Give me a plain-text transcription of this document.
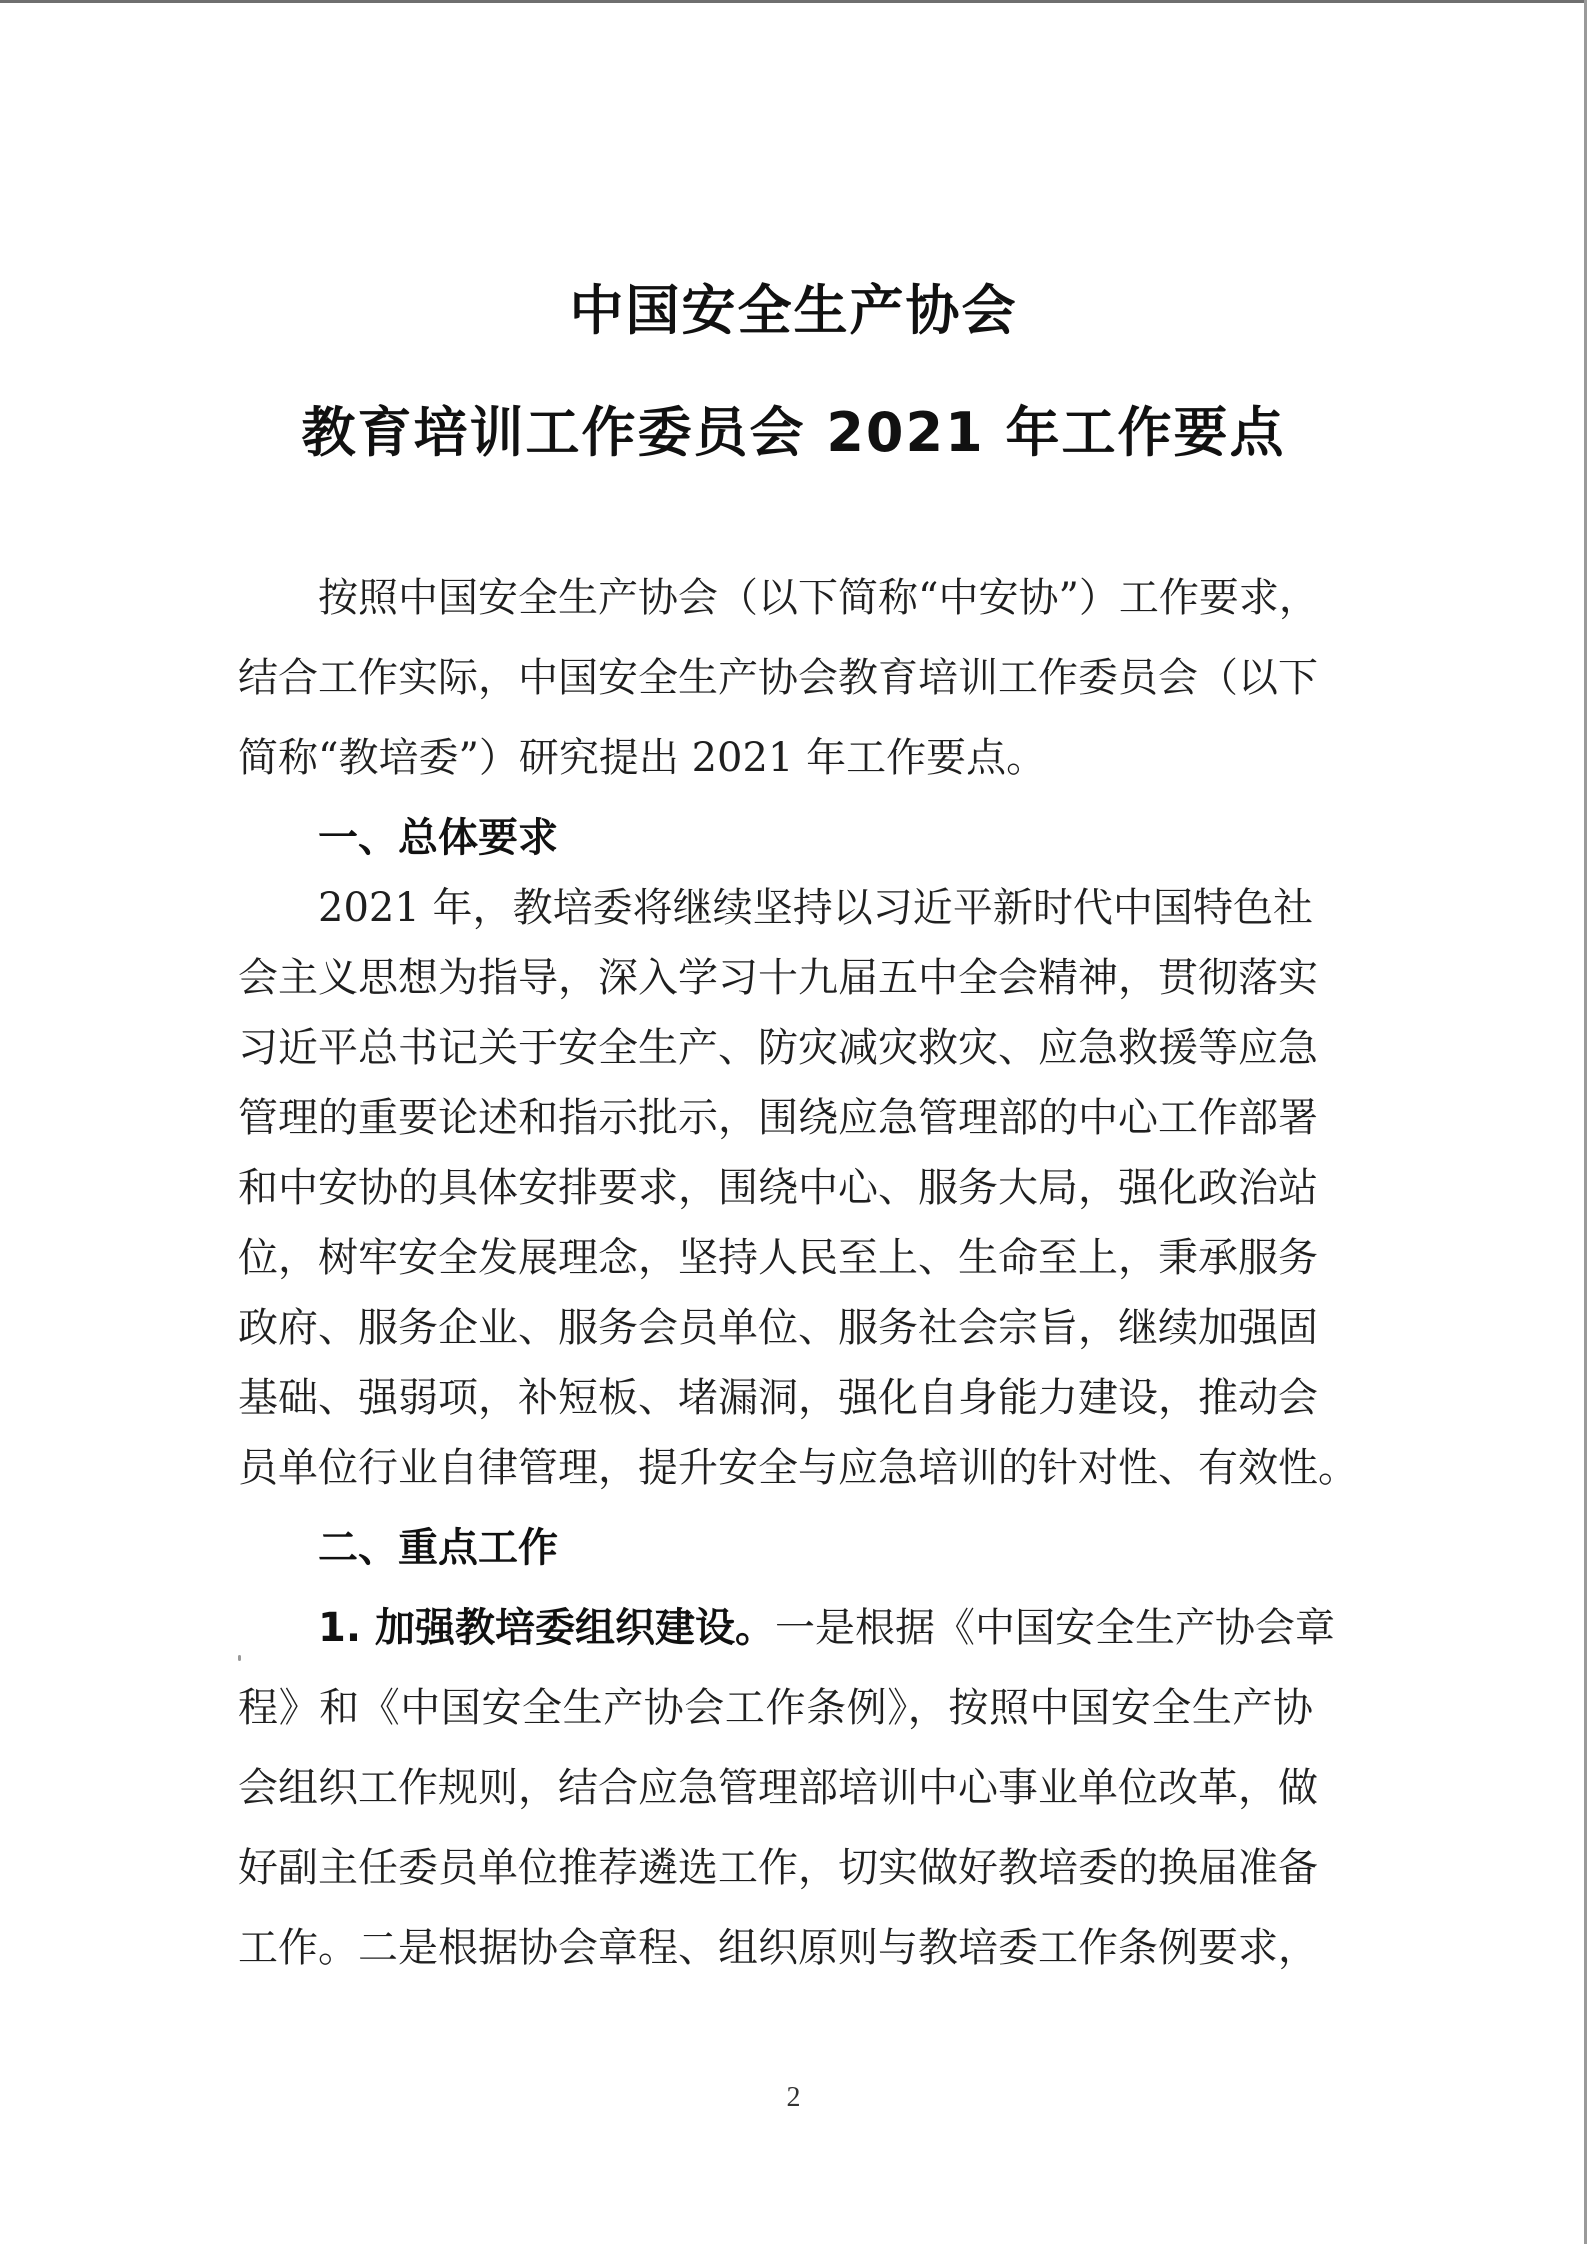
中国安全生产协会
教育培训工作委员会 2021 年工作要点
按照中国安全生产协会（以下简称“中安协”）工作要求，
结合工作实际，中国安全生产协会教育培训工作委员会（以下
简称“教培委”）研究提出 2021 年工作要点。
一、总体要求
2021 年，教培委将继续坚持以习近平新时代中国特色社
会主义思想为指导，深入学习十九届五中全会精神，贯彻落实
习近平总书记关于安全生产、防灾减灾救灾、应急救援等应急
管理的重要论述和指示批示，围绕应急管理部的中心工作部署
和中安协的具体安排要求，围绕中心、服务大局，强化政治站
位，树牢安全发展理念，坚持人民至上、生命至上，秉承服务
政府、服务企业、服务会员单位、服务社会宗旨，继续加强固
基础、强弱项，补短板、堵漏洞，强化自身能力建设，推动会
员单位行业自律管理，提升安全与应急培训的针对性、有效性。
二、重点工作
1. 加强教培委组织建设。一是根据《中国安全生产协会章
程》和《中国安全生产协会工作条例》，按照中国安全生产协
会组织工作规则，结合应急管理部培训中心事业单位改革，做
好副主任委员单位推荐遴选工作，切实做好教培委的换届准备
工作。二是根据协会章程、组织原则与教培委工作条例要求，
2
